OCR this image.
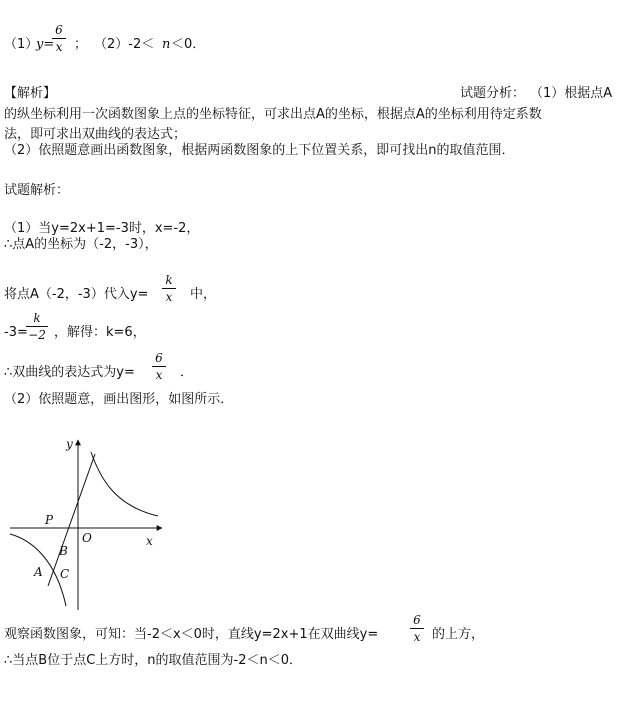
（1）
y=
6
x ； （2）-2＜ n ＜0．
【解析】	试题分析： （1）根据点A
的纵坐标利用一次函数图象上点的坐标特征，可求出点A的坐标，根据点A的坐标利用待定系数
法，即可求出双曲线的表达式；
（2）依照题意画出函数图象，根据两函数图象的上下位置关系，即可找出n的取值范围．
试题解析：
（1）当y=2x+1=-3时，x=-2，
∴点A的坐标为（-2，-3），
将点A（-2，-3）代入y=
k
x 中，
-3=
k
−2 ，解得：k=6，
∴双曲线的表达式为y=
6
x ．
（2）依照题意，画出图形，如图所示．
y
x
O
P
B
A C
观察函数图象，可知：当-2＜x＜0时，直线y=2x+1在双曲线y=
6
x 的上方，
∴当点B位于点C上方时，n的取值范围为-2＜n＜0．
